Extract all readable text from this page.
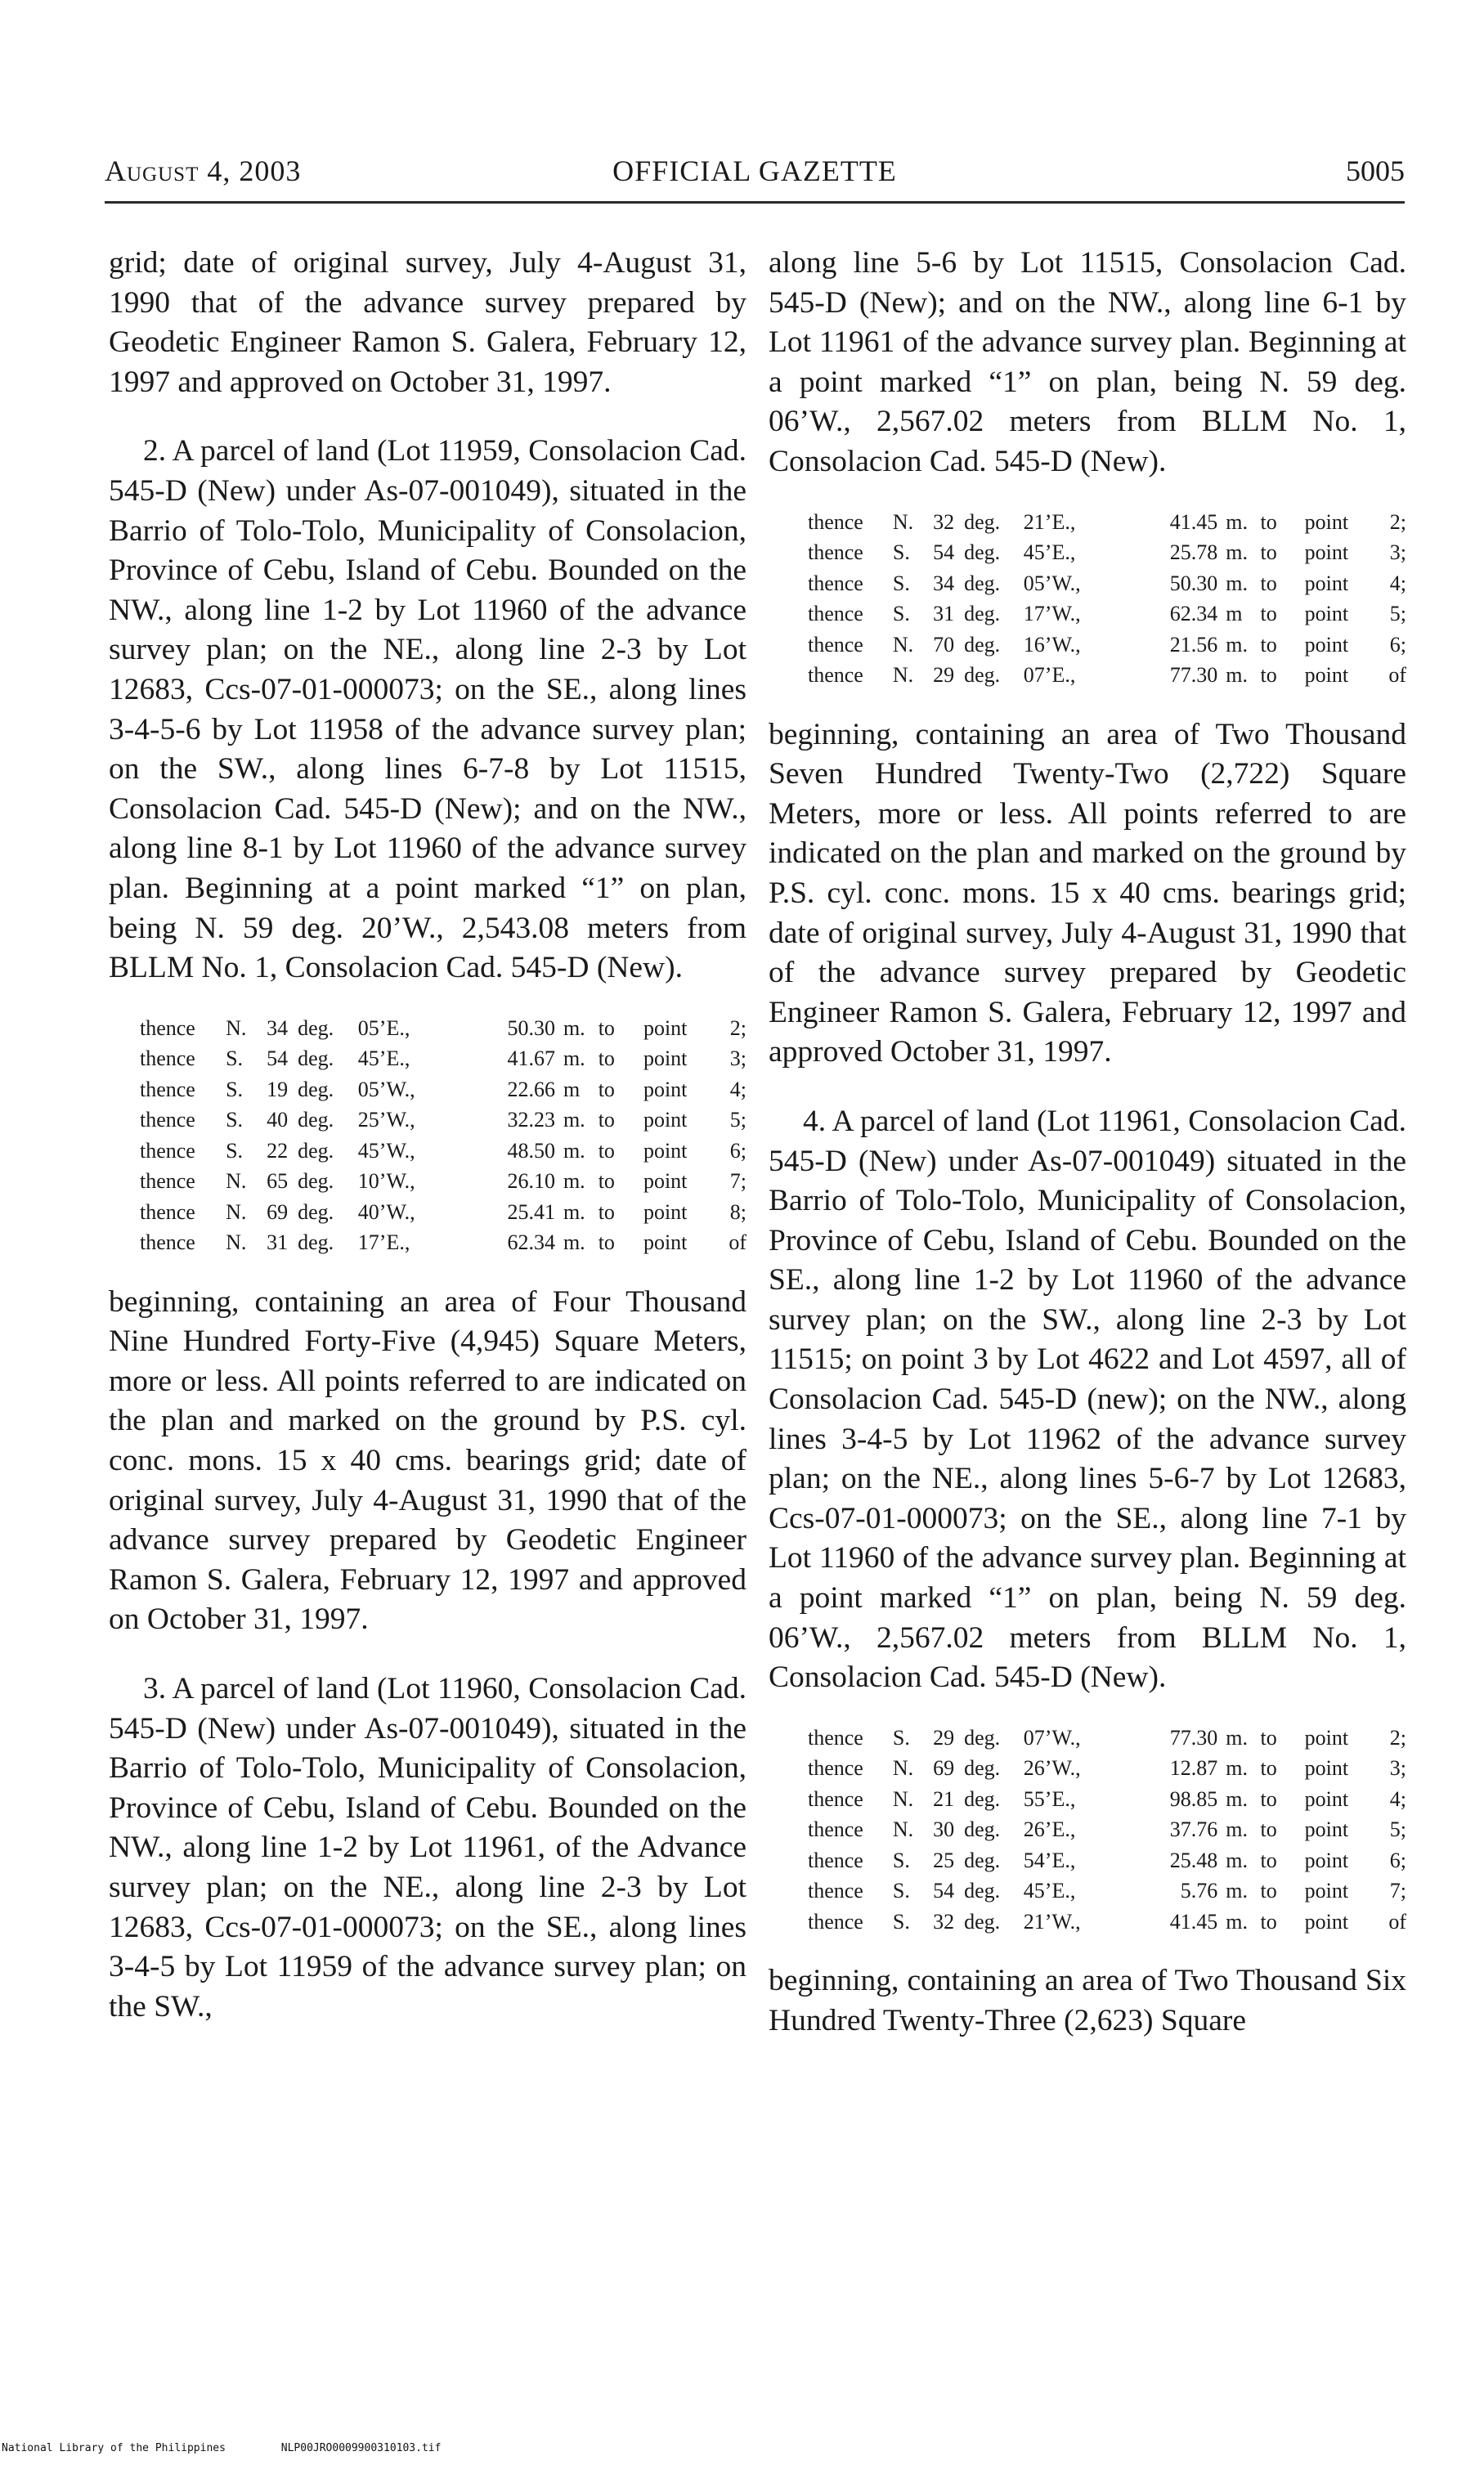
August 4, 2003	OFFICIAL GAZETTE	5005

grid; date of original survey, July 4-August 31, 1990 that of the advance survey prepared by Geodetic Engineer Ramon S. Galera, February 12, 1997 and approved on October 31, 1997.

2. A parcel of land (Lot 11959, Consolacion Cad. 545-D (New) under As-07-001049), situated in the Barrio of Tolo-Tolo, Municipality of Consolacion, Province of Cebu, Island of Cebu. Bounded on the NW., along line 1-2 by Lot 11960 of the advance survey plan; on the NE., along line 2-3 by Lot 12683, Ccs-07-01-000073; on the SE., along lines 3-4-5-6 by Lot 11958 of the advance survey plan; on the SW., along lines 6-7-8 by Lot 11515, Consolacion Cad. 545-D (New); and on the NW., along line 8-1 by Lot 11960 of the advance survey plan. Beginning at a point marked “1” on plan, being N. 59 deg. 20’W., 2,543.08 meters from BLLM No. 1, Consolacion Cad. 545-D (New).

thence	N.	34	deg.	05’E.,	50.30	m.	to	point	2;
thence	S.	54	deg.	45’E.,	41.67	m.	to	point	3;
thence	S.	19	deg.	05’W.,	22.66	m	to	point	4;
thence	S.	40	deg.	25’W.,	32.23	m.	to	point	5;
thence	S.	22	deg.	45’W.,	48.50	m.	to	point	6;
thence	N.	65	deg.	10’W.,	26.10	m.	to	point	7;
thence	N.	69	deg.	40’W.,	25.41	m.	to	point	8;
thence	N.	31	deg.	17’E.,	62.34	m.	to	point	of

beginning, containing an area of Four Thousand Nine Hundred Forty-Five (4,945) Square Meters, more or less. All points referred to are indicated on the plan and marked on the ground by P.S. cyl. conc. mons. 15 x 40 cms. bearings grid; date of original survey, July 4-August 31, 1990 that of the advance survey prepared by Geodetic Engineer Ramon S. Galera, February 12, 1997 and approved on October 31, 1997.

3. A parcel of land (Lot 11960, Consolacion Cad. 545-D (New) under As-07-001049), situated in the Barrio of Tolo-Tolo, Municipality of Consolacion, Province of Cebu, Island of Cebu. Bounded on the NW., along line 1-2 by Lot 11961, of the Advance survey plan; on the NE., along line 2-3 by Lot 12683, Ccs-07-01-000073; on the SE., along lines 3-4-5 by Lot 11959 of the advance survey plan; on the SW.,

along line 5-6 by Lot 11515, Consolacion Cad. 545-D (New); and on the NW., along line 6-1 by Lot 11961 of the advance survey plan. Beginning at a point marked “1” on plan, being N. 59 deg. 06’W., 2,567.02 meters from BLLM No. 1, Consolacion Cad. 545-D (New).

thence	N.	32	deg.	21’E.,	41.45	m.	to	point	2;
thence	S.	54	deg.	45’E.,	25.78	m.	to	point	3;
thence	S.	34	deg.	05’W.,	50.30	m.	to	point	4;
thence	S.	31	deg.	17’W.,	62.34	m	to	point	5;
thence	N.	70	deg.	16’W.,	21.56	m.	to	point	6;
thence	N.	29	deg.	07’E.,	77.30	m.	to	point	of

beginning, containing an area of Two Thousand Seven Hundred Twenty-Two (2,722) Square Meters, more or less. All points referred to are indicated on the plan and marked on the ground by P.S. cyl. conc. mons. 15 x 40 cms. bearings grid; date of original survey, July 4-August 31, 1990 that of the advance survey prepared by Geodetic Engineer Ramon S. Galera, February 12, 1997 and approved October 31, 1997.

4. A parcel of land (Lot 11961, Consolacion Cad. 545-D (New) under As-07-001049) situated in the Barrio of Tolo-Tolo, Municipality of Consolacion, Province of Cebu, Island of Cebu. Bounded on the SE., along line 1-2 by Lot 11960 of the advance survey plan; on the SW., along line 2-3 by Lot 11515; on point 3 by Lot 4622 and Lot 4597, all of Consolacion Cad. 545-D (new); on the NW., along lines 3-4-5 by Lot 11962 of the advance survey plan; on the NE., along lines 5-6-7 by Lot 12683, Ccs-07-01-000073; on the SE., along line 7-1 by Lot 11960 of the advance survey plan. Beginning at a point marked “1” on plan, being N. 59 deg. 06’W., 2,567.02 meters from BLLM No. 1, Consolacion Cad. 545-D (New).

thence	S.	29	deg.	07’W.,	77.30	m.	to	point	2;
thence	N.	69	deg.	26’W.,	12.87	m.	to	point	3;
thence	N.	21	deg.	55’E.,	98.85	m.	to	point	4;
thence	N.	30	deg.	26’E.,	37.76	m.	to	point	5;
thence	S.	25	deg.	54’E.,	25.48	m.	to	point	6;
thence	S.	54	deg.	45’E.,	5.76	m.	to	point	7;
thence	S.	32	deg.	21’W.,	41.45	m.	to	point	of

beginning, containing an area of Two Thousand Six Hundred Twenty-Three (2,623) Square

National Library of the Philippines	NLP00JRO0009900310103.tif
